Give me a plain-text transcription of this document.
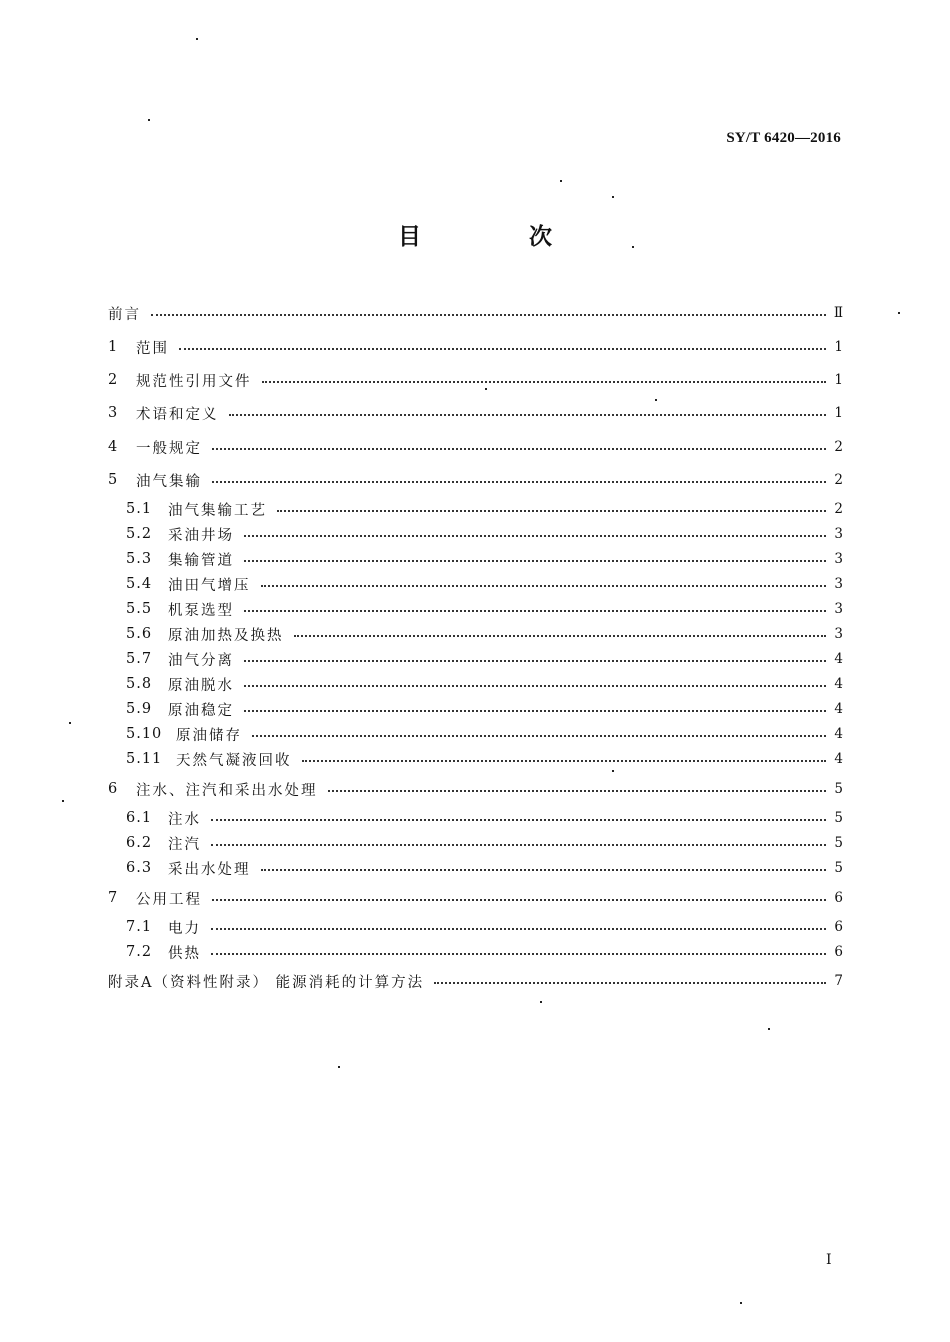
SY/T 6420—2016
目 次
前言	Ⅱ
1	范围	1
2	规范性引用文件	1
3	术语和定义	1
4	一般规定	2
5	油气集输	2
5.1	油气集输工艺	2
5.2	采油井场	3
5.3	集输管道	3
5.4	油田气增压	3
5.5	机泵选型	3
5.6	原油加热及换热	3
5.7	油气分离	4
5.8	原油脱水	4
5.9	原油稳定	4
5.10 原油储存	4
5.11 天然气凝液回收	4
6	注水、注汽和采出水处理	5
6.1	注水	5
6.2	注汽	5
6.3	采出水处理	5
7	公用工程	6
7.1	电力	6
7.2	供热	6
附录A（资料性附录） 能源消耗的计算方法	7
I
